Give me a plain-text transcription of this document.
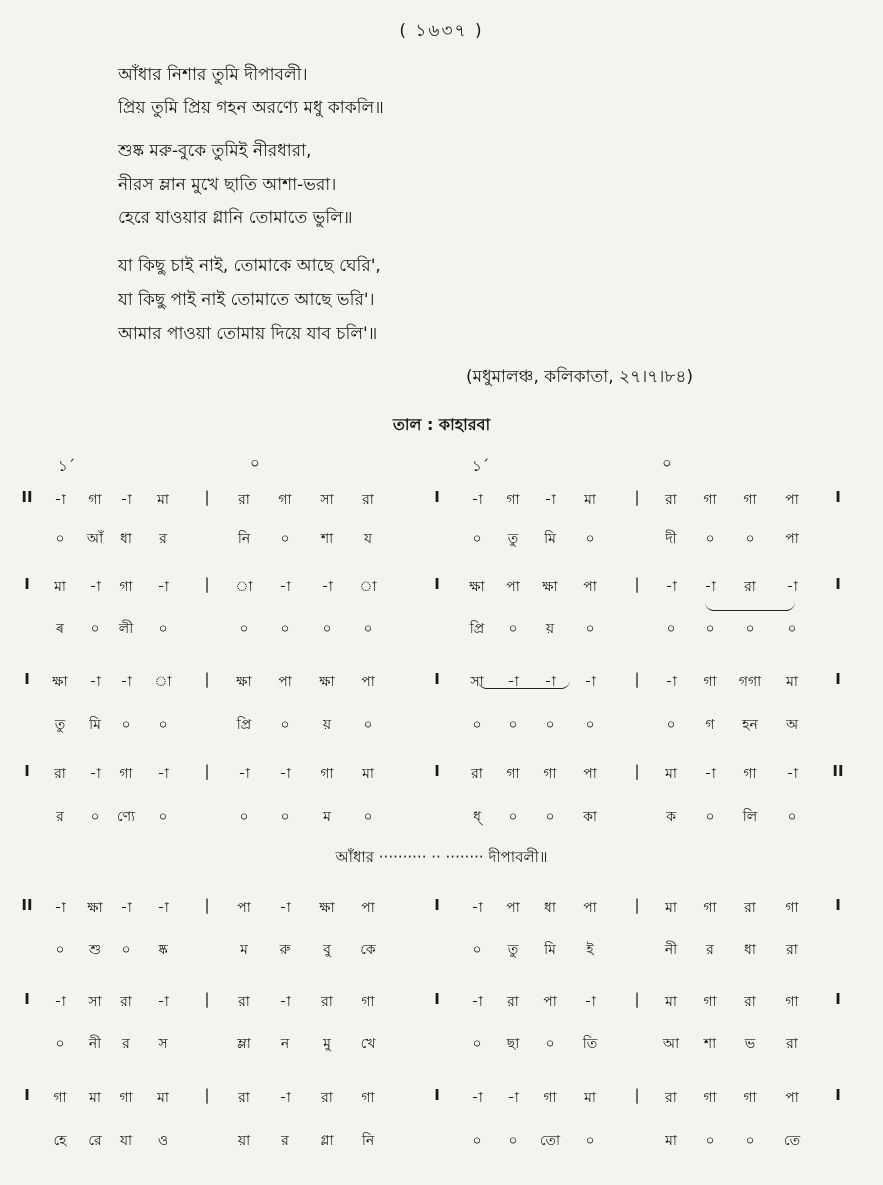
( ১৬৩৭ )
আঁধার নিশার তুমি দীপাবলী।
প্রিয় তুমি প্রিয় গহন অরণ্যে মধু কাকলি॥
শুষ্ক মরু-বুকে তুমিই নীরধারা,
নীরস ম্লান মুখে ছাতি আশা-ভরা।
হেরে যাওয়ার গ্লানি তোমাতে ভুলি॥
যা কিছু চাই নাই, তোমাকে আছে ঘেরি',
যা কিছু পাই নাই তোমাতে আছে ভরি'।
আমার পাওয়া তোমায় দিয়ে যাব চলি'॥
(মধুমালঞ্চ, কলিকাতা, ২৭।৭।৮৪)
তাল : কাহারবা
১´	০	১´	০
II	|	I	|	I
-া	গা	-া	মা	রা	গা	সা	রা	-া	গা	-া	মা	রা	গা	গা	পা
০	আঁ	ধা	র	নি	০	শা	য	০	তু	মি	০	দী	০	০	পা
I	|	I	|	I
মা	-া	গা	-া	া	-া	-া	া	ক্ষা	পা	ক্ষা	পা	-া	-া	রা	-া
ৰ	০	লী	০	০	০	০	০	প্রি	০	য়	০	০	০	০	০
I	|	I	|	I
ক্ষা	-া	-া	া	ক্ষা	পা	ক্ষা	পা	সা	-া	-া	-া	-া	গা	গগা	মা
তু	মি	০	০	প্রি	০	য়	০	০	০	০	০	০	গ	হন	অ
I	|	I	|	II
রা	-া	গা	-া	-া	-া	গা	মা	রা	গা	গা	পা	মা	-া	গা	-া
র	০	ণ্যে	০	০	০	ম	০	ধ্	০	০	কা	ক	০	লি	০
II	|	I	|	I
-া	ক্ষা	-া	-া	পা	-া	ক্ষা	পা	-া	পা	ধা	পা	মা	গা	রা	গা
০	শু	০	ষ্ক	ম	রু	বু	কে	০	তু	মি	ই	নী	র	ধা	রা
I	|	I	|	I
-া	সা	রা	-া	রা	-া	রা	গা	-া	রা	পা	-া	মা	গা	রা	গা
০	নী	র	স	ম্লা	ন	মু	খে	০	ছা	০	তি	আ	শা	ভ	রা
I	|	I	|	I
গা	মা	গা	মা	রা	-া	রা	গা	-া	-া	গা	মা	রা	গা	গা	পা
হে	রে	যা	ও	য়া	র	গ্লা	নি	০	০	তো	০	মা	০	০	তে
আঁধার ·········· ·· ········ দীপাবলী॥
